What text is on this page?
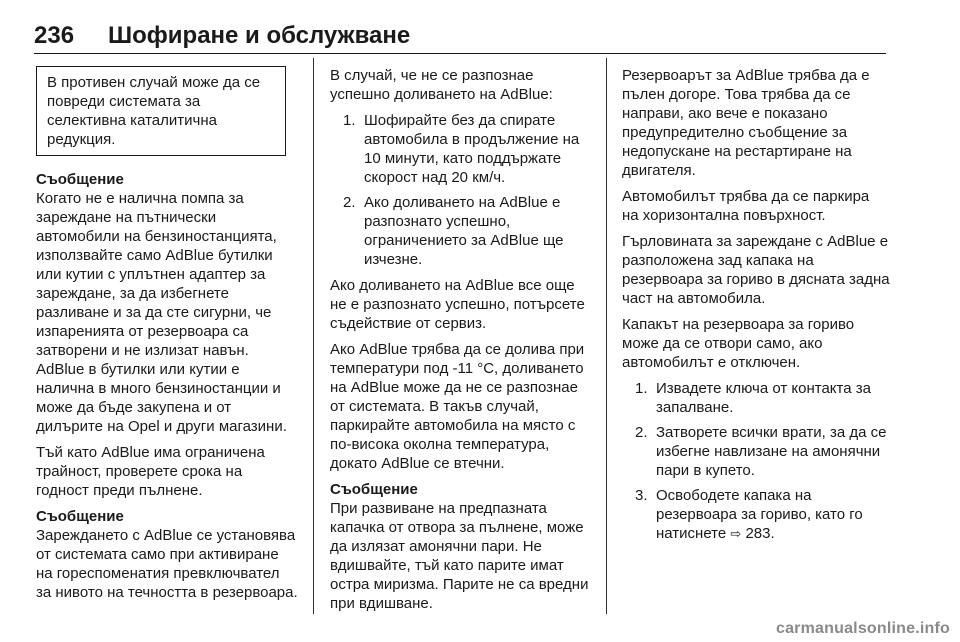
236 Шофиране и обслужване
В противен случай може да се повреди системата за селективна каталитична редукция.

Съобщение

Когато не е налична помпа за зареждане на пътнически автомобили на бензиностанцията, използвайте само AdBlue бутилки или кутии с уплътнен адаптер за зареждане, за да избегнете разливане и за да сте сигурни, че изпаренията от резервоара са затворени и не излизат навън. AdBlue в бутилки или кутии е налична в много бензиностанции и може да бъде закупена и от дилърите на Opel и други магазини.

Тъй като AdBlue има ограничена трайност, проверете срока на годност преди пълнене.

Съобщение

Зареждането с AdBlue се установява от системата само при активиране на гореспоменатия превключвател за нивото на течността в резервоара.

В случай, че не се разпознае успешно доливането на AdBlue:

1. Шофирайте без да спирате автомобила в продължение на 10 минути, като поддържате скорост над 20 км/ч.
2. Ако доливането на AdBlue е разпознато успешно, ограничението за AdBlue ще изчезне.

Ако доливането на AdBlue все още не е разпознато успешно, потърсете съдействие от сервиз.

Ако AdBlue трябва да се долива при температури под -11 °C, доливането на AdBlue може да не се разпознае от системата. В такъв случай, паркирайте автомобила на място с по-висока околна температура, докато AdBlue се втечни.

Съобщение

При развиване на предпазната капачка от отвора за пълнене, може да излязат амонячни пари. Не вдишвайте, тъй като парите имат остра миризма. Парите не са вредни при вдишване.

Резервоарът за AdBlue трябва да е пълен догоре. Това трябва да се направи, ако вече е показано предупредително съобщение за недопускане на рестартиране на двигателя.

Автомобилът трябва да се паркира на хоризонтална повърхност.

Гърловината за зареждане с AdBlue е разположена зад капака на резервоара за гориво в дясната задна част на автомобила.

Капакът на резервоара за гориво може да се отвори само, ако автомобилът е отключен.

1. Извадете ключа от контакта за запалване.
2. Затворете всички врати, за да се избегне навлизане на амонячни пари в купето.
3. Освободете капака на резервоара за гориво, като го натиснете ⇨ 283.
carmanualsonline.info
